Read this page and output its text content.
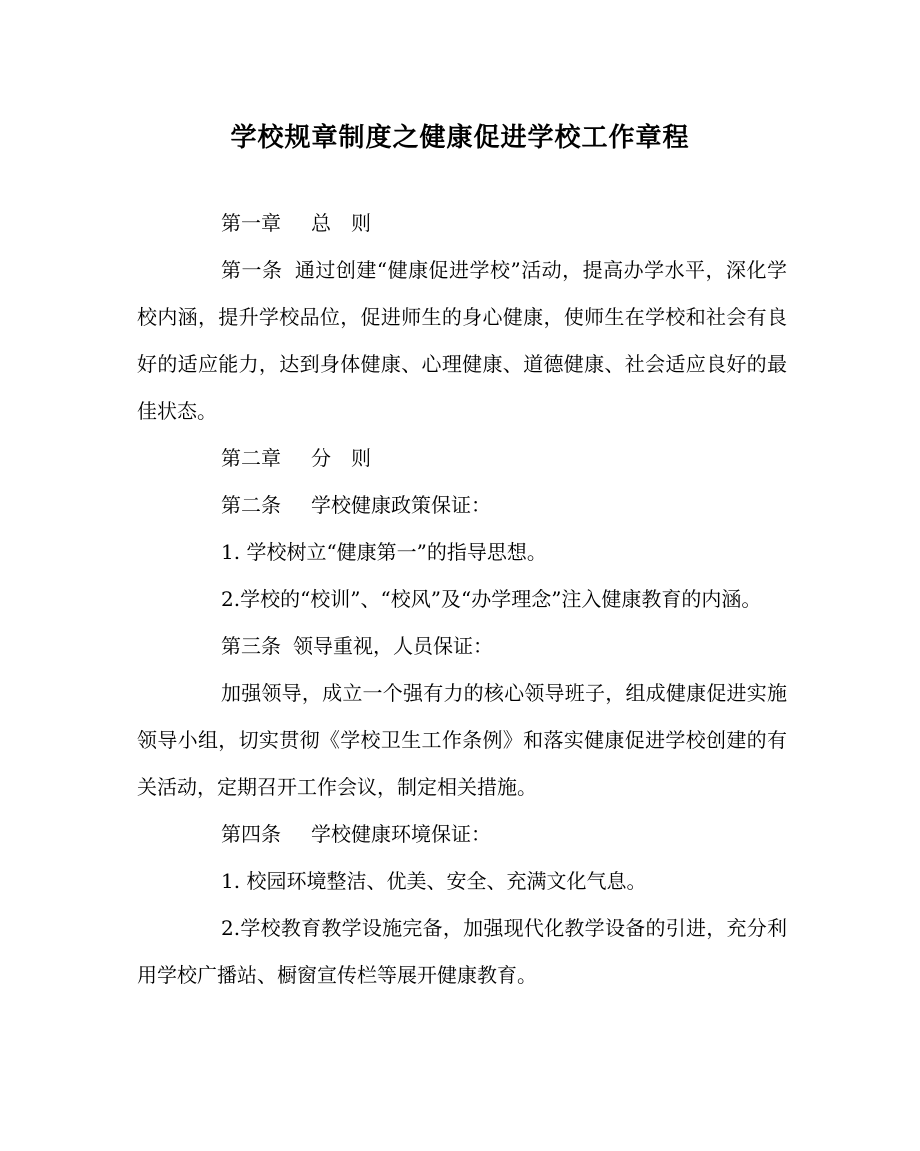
学校规章制度之健康促进学校工作章程

第一章 总　则

第一条 通过创建“健康促进学校”活动，提高办学水平，深化学校内涵，提升学校品位，促进师生的身心健康，使师生在学校和社会有良好的适应能力，达到身体健康、心理健康、道德健康、社会适应良好的最佳状态。

第二章 分　则

第二条 学校健康政策保证：

1. 学校树立“健康第一”的指导思想。

2.学校的“校训”、“校风”及“办学理念”注入健康教育的内涵。

第三条 领导重视，人员保证：

加强领导，成立一个强有力的核心领导班子，组成健康促进实施领导小组，切实贯彻《学校卫生工作条例》和落实健康促进学校创建的有关活动，定期召开工作会议，制定相关措施。

第四条 学校健康环境保证：

1. 校园环境整洁、优美、安全、充满文化气息。

2.学校教育教学设施完备，加强现代化教学设备的引进，充分利用学校广播站、橱窗宣传栏等展开健康教育。
